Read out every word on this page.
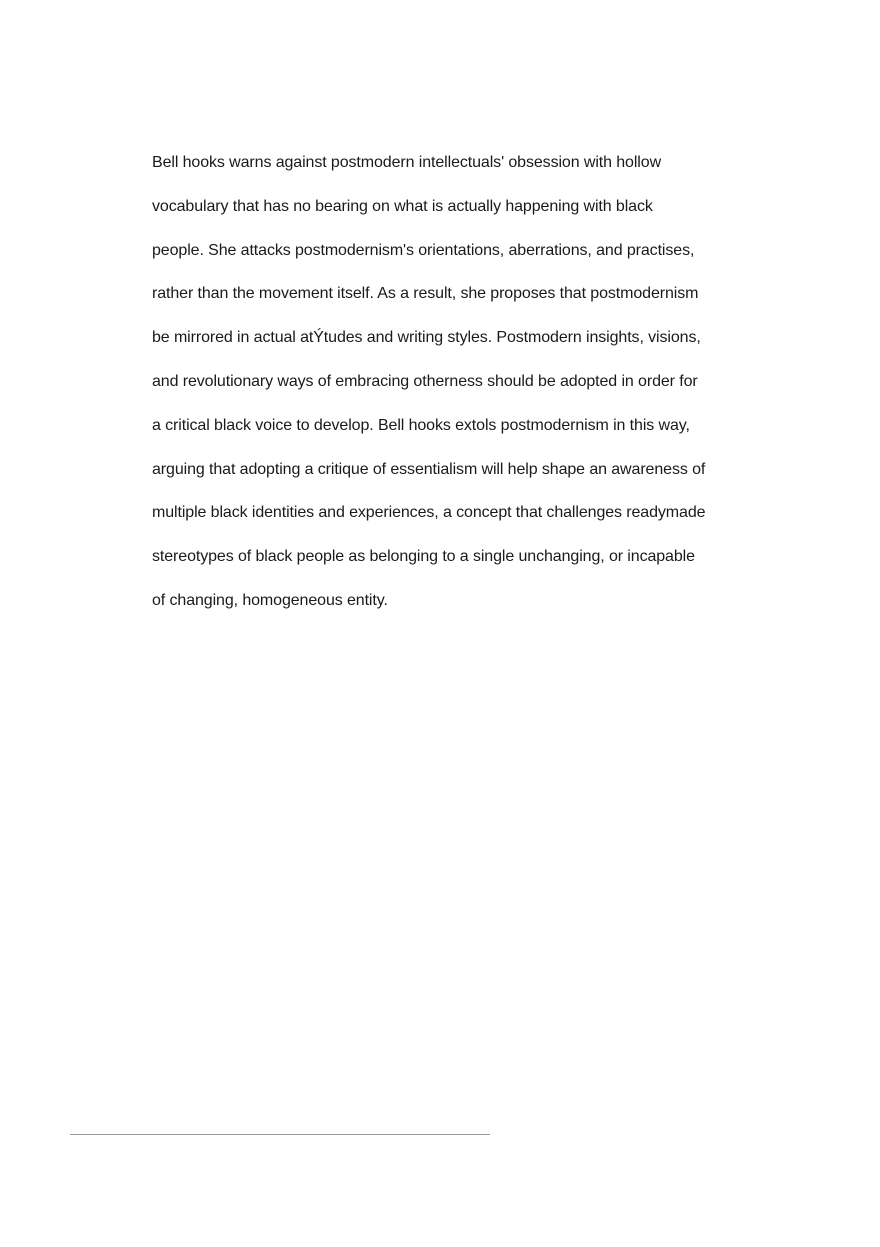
Bell hooks warns against postmodern intellectuals' obsession with hollow
vocabulary that has no bearing on what is actually happening with black
people. She attacks postmodernism's orientations, aberrations, and practises,
rather than the movement itself. As a result, she proposes that postmodernism
be mirrored in actual atÝtudes and writing styles. Postmodern insights, visions,
and revolutionary ways of embracing otherness should be adopted in order for
a critical black voice to develop. Bell hooks extols postmodernism in this way,
arguing that adopting a critique of essentialism will help shape an awareness of
multiple black identities and experiences, a concept that challenges readymade
stereotypes of black people as belonging to a single unchanging, or incapable
of changing, homogeneous entity.
